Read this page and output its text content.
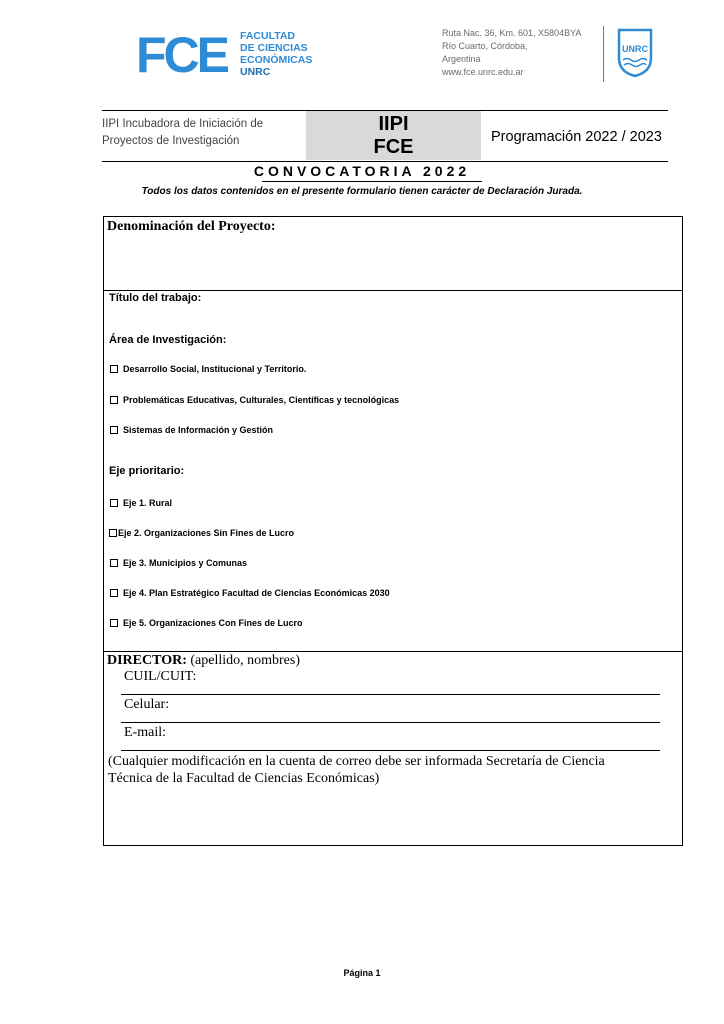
FCE FACULTAD
DE CIENCIAS
ECONÓMICAS
UNRC
Ruta Nac. 36, Km. 601, X5804BYA
Río Cuarto, Córdoba,
Argentina
www.fce.unrc.edu.ar
UNRC
IIPI Incubadora de Iniciación de
Proyectos de Investigación
IIPI
FCE	Programación 2022 / 2023
CONVOCATORIA 2022
Todos los datos contenidos en el presente formulario tienen carácter de Declaración Jurada.
Denominación del Proyecto:
Título del trabajo:
Área de Investigación:
Desarrollo Social, Institucional y Territorio.
Problemáticas Educativas, Culturales, Científicas y tecnológicas
Sistemas de Información y Gestión
Eje prioritario:
Eje 1. Rural
Eje 2. Organizaciones Sin Fines de Lucro
Eje 3. Municipios y Comunas
Eje 4. Plan Estratégico Facultad de Ciencias Económicas 2030
Eje 5. Organizaciones Con Fines de Lucro
DIRECTOR: (apellido, nombres)
CUIL/CUIT:
Celular:
E-mail:
(Cualquier modificación en la cuenta de correo debe ser informada Secretaría de Ciencia
Técnica de la Facultad de Ciencias Económicas)
Página 1
